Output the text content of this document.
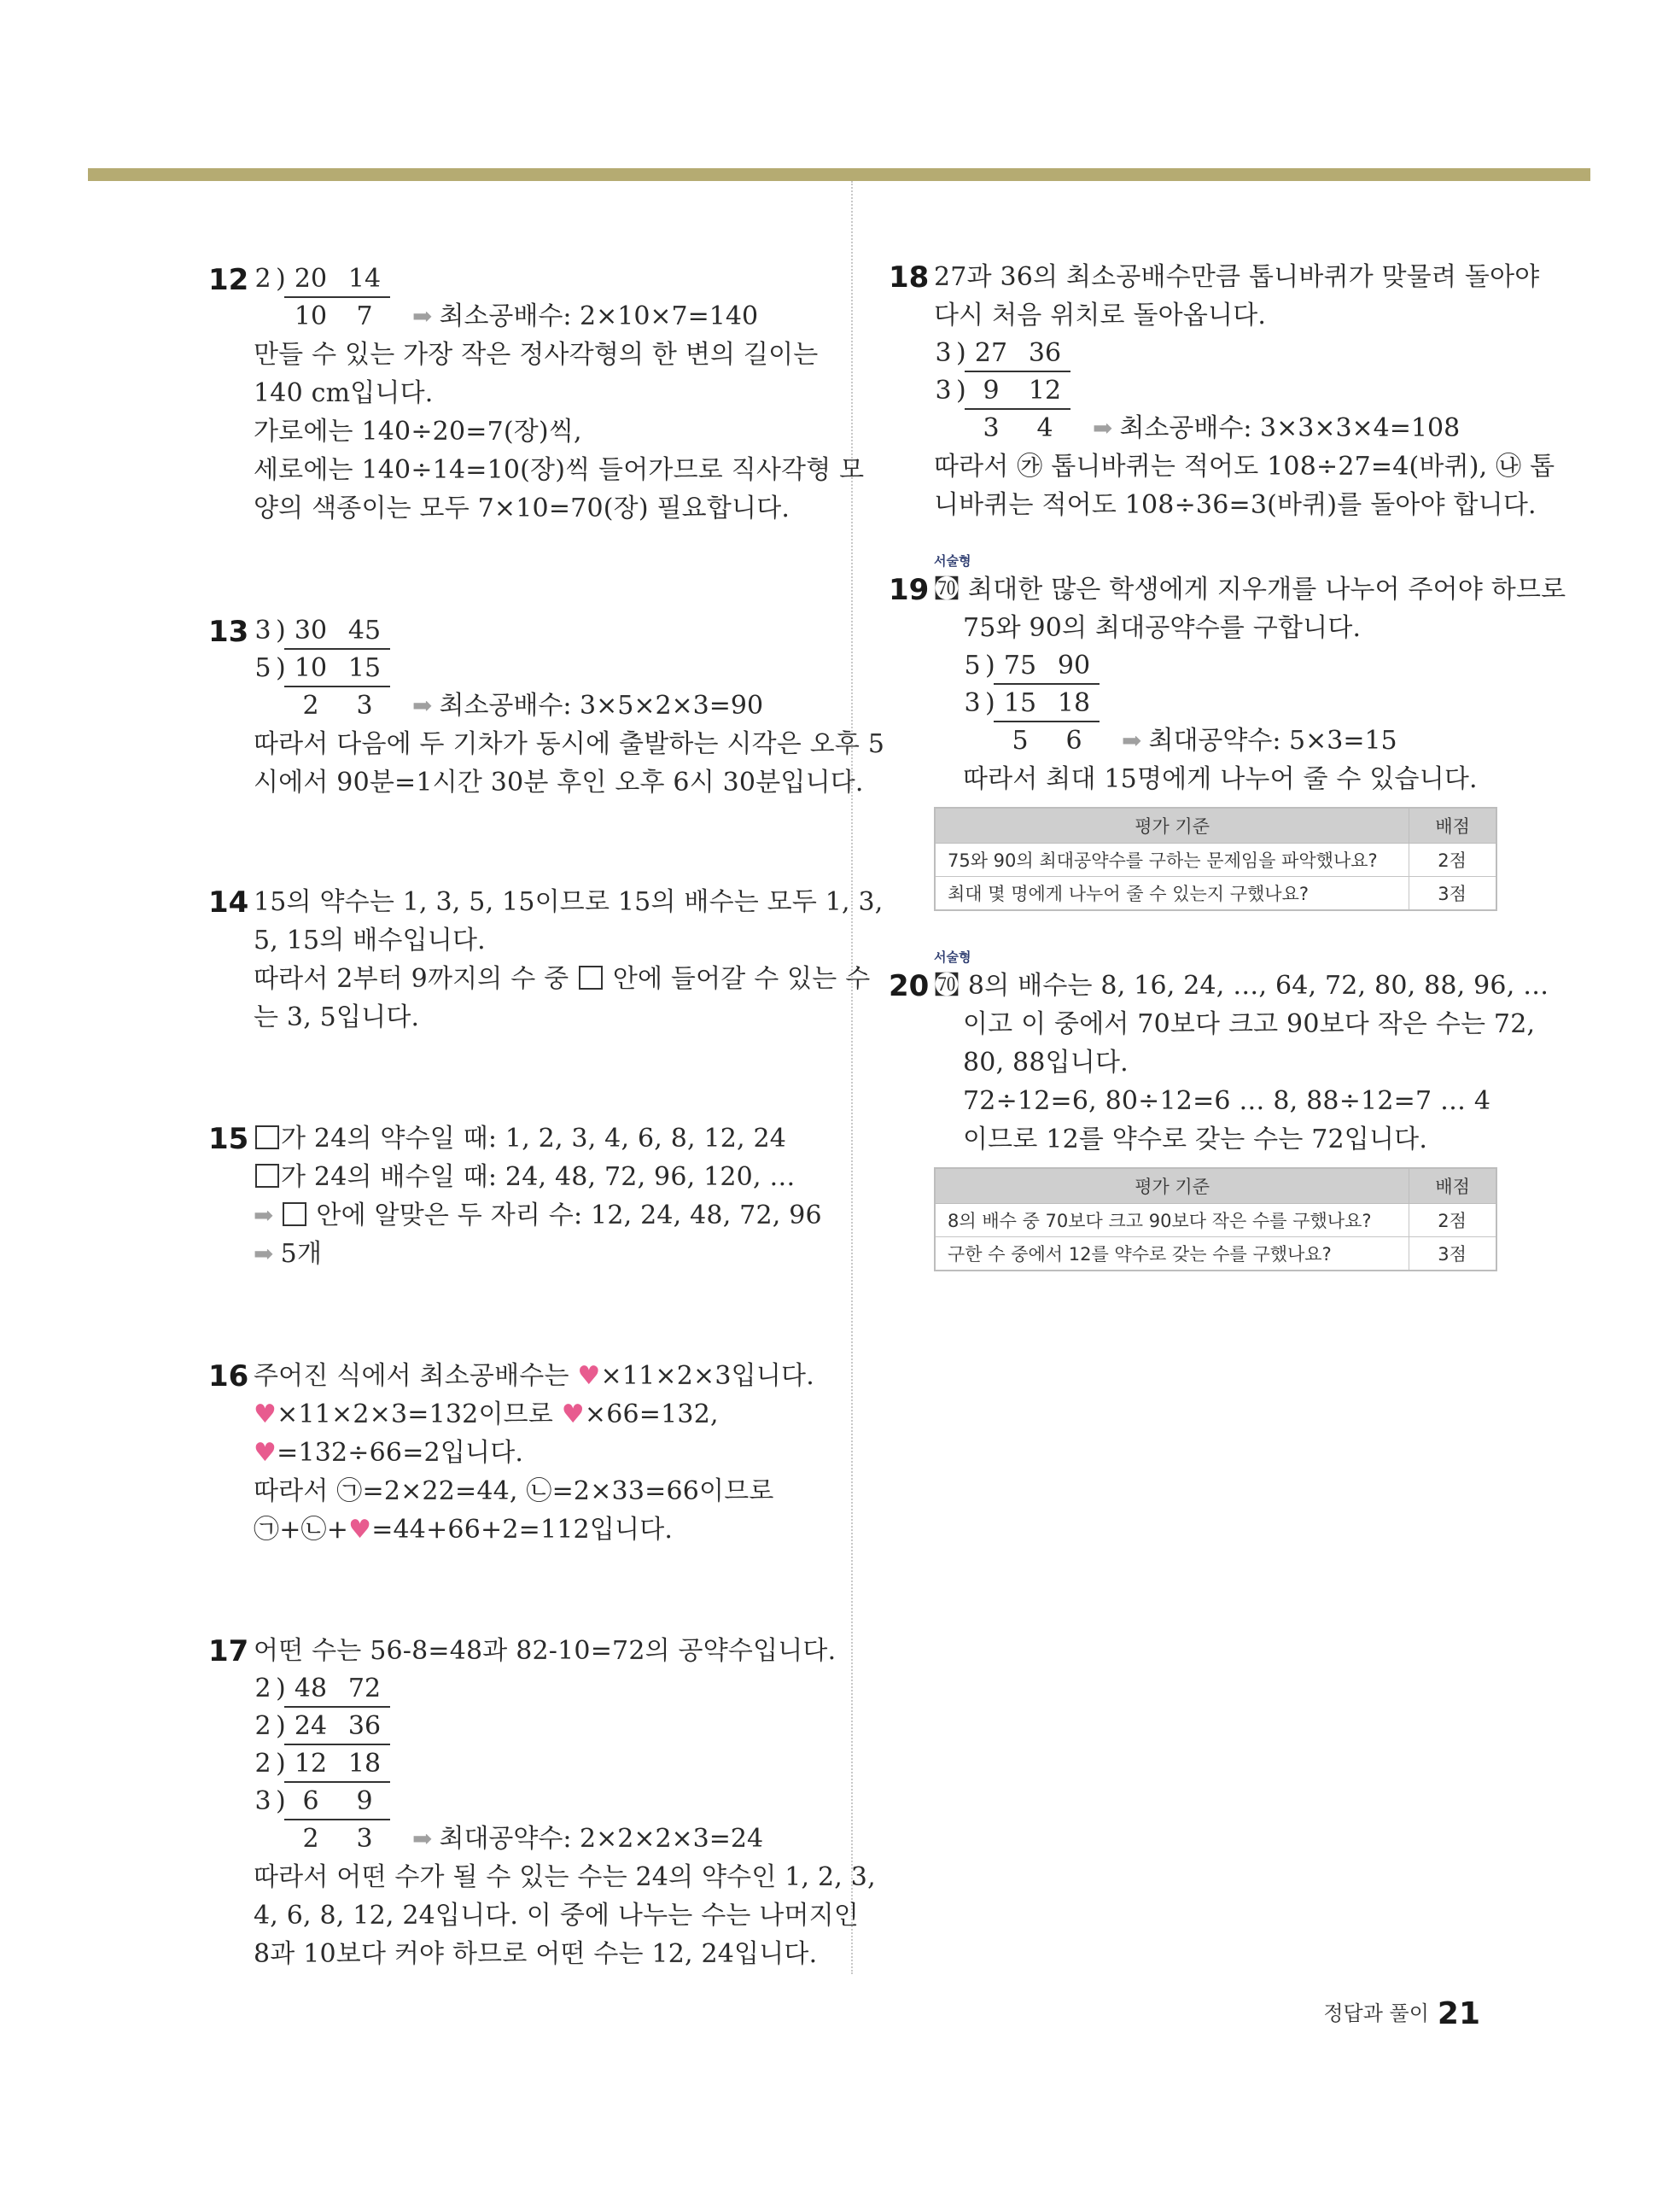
12 2 ) 20 14
10	7	➡ 최소공배수: 2×10×7=140
만들 수 있는 가장 작은 정사각형의 한 변의 길이는
140 cm입니다.
가로에는 140÷20=7(장)씩,
세로에는 140÷14=10(장)씩 들어가므로 직사각형 모
양의 색종이는 모두 7×10=70(장) 필요합니다.
13 3 ) 30 45
5 ) 10 15
2	3	➡ 최소공배수: 3×5×2×3=90
따라서 다음에 두 기차가 동시에 출발하는 시각은 오후 5
시에서 90분=1시간 30분 후인 오후 6시 30분입니다.
14 15의 약수는 1, 3, 5, 15이므로 15의 배수는 모두 1, 3,
5, 15의 배수입니다.
따라서 2부터 9까지의 수 중 안에 들어갈 수 있는 수
는 3, 5입니다.
15	가 24의 약수일 때: 1, 2, 3, 4, 6, 8, 12, 24
가 24의 배수일 때: 24, 48, 72, 96, 120, …
➡ 안에 알맞은 두 자리 수: 12, 24, 48, 72, 96
➡ 5개
16 주어진 식에서 최소공배수는 ♥×11×2×3입니다.
♥×11×2×3=132이므로 ♥×66=132,
♥=132÷66=2입니다.
따라서 ㉠=2×22=44, ㉡=2×33=66이므로
㉠+㉡+♥=44+66+2=112입니다.
17 어떤 수는 56-8=48과 82-10=72의 공약수입니다.
2 ) 48 72
2 ) 24 36
2 ) 12 18
3 ) 6	9
2	3	➡ 최대공약수: 2×2×2×3=24
따라서 어떤 수가 될 수 있는 수는 24의 약수인 1, 2, 3,
4, 6, 8, 12, 24입니다. 이 중에 나누는 수는 나머지인
8과 10보다 커야 하므로 어떤 수는 12, 24입니다.
18 27과 36의 최소공배수만큼 톱니바퀴가 맞물려 돌아야
다시 처음 위치로 돌아옵니다.
3 ) 27 36
3 ) 9	12
3	4	➡ 최소공배수: 3×3×3×4=108
따라서 ㉮ 톱니바퀴는 적어도 108÷27=4(바퀴), ㉯ 톱
니바퀴는 적어도 108÷36=3(바퀴)를 돌아야 합니다.
서술형
19 ㉎ 최대한 많은 학생에게 지우개를 나누어 주어야 하므로
75와 90의 최대공약수를 구합니다.
5 ) 75 90
3 ) 15 18
5	6	➡ 최대공약수: 5×3=15
따라서 최대 15명에게 나누어 줄 수 있습니다.
평가 기준	배점
75와 90의 최대공약수를 구하는 문제임을 파악했나요?	2점
최대 몇 명에게 나누어 줄 수 있는지 구했나요?	3점
서술형
20 ㉎ 8의 배수는 8, 16, 24, …, 64, 72, 80, 88, 96, …
이고 이 중에서 70보다 크고 90보다 작은 수는 72,
80, 88입니다.
72÷12=6, 80÷12=6 … 8, 88÷12=7 … 4
이므로 12를 약수로 갖는 수는 72입니다.
평가 기준	배점
8의 배수 중 70보다 크고 90보다 작은 수를 구했나요?	2점
구한 수 중에서 12를 약수로 갖는 수를 구했나요?	3점
정답과 풀이 21
